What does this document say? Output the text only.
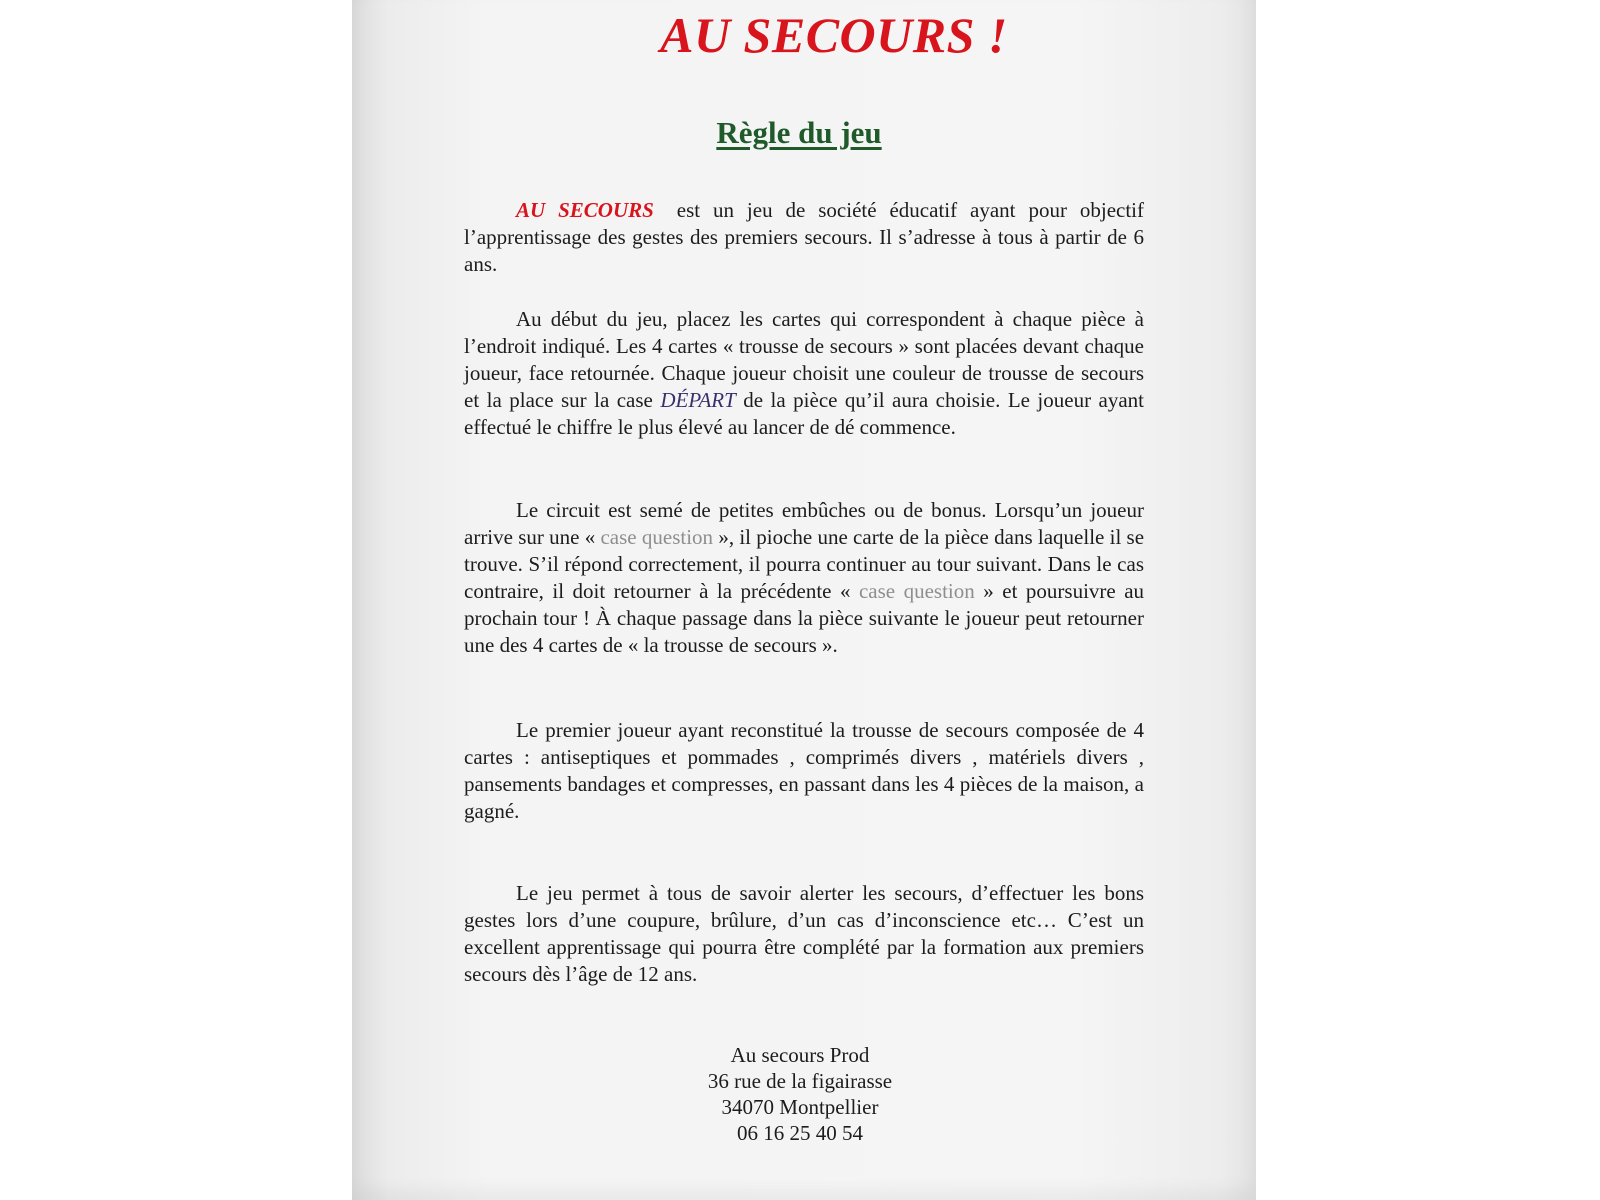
AU SECOURS !
Règle du jeu

AU SECOURS est un jeu de société éducatif ayant pour objectif l’apprentissage des gestes des premiers secours. Il s’adresse à tous à partir de 6 ans.

Au début du jeu, placez les cartes qui correspondent à chaque pièce à l’endroit indiqué. Les 4 cartes « trousse de secours » sont placées devant chaque joueur, face retournée. Chaque joueur choisit une couleur de trousse de secours et la place sur la case DÉPART de la pièce qu’il aura choisie. Le joueur ayant effectué le chiffre le plus élevé au lancer de dé commence.

Le circuit est semé de petites embûches ou de bonus. Lorsqu’un joueur arrive sur une « case question », il pioche une carte de la pièce dans laquelle il se trouve. S’il répond correctement, il pourra continuer au tour suivant. Dans le cas contraire, il doit retourner à la précédente « case question » et poursuivre au prochain tour ! À chaque passage dans la pièce suivante le joueur peut retourner une des 4 cartes de « la trousse de secours ».

Le premier joueur ayant reconstitué la trousse de secours composée de 4 cartes : antiseptiques et pommades , comprimés divers , matériels divers , pansements bandages et compresses, en passant dans les 4 pièces de la maison, a gagné.

Le jeu permet à tous de savoir alerter les secours, d’effectuer les bons gestes lors d’une coupure, brûlure, d’un cas d’inconscience etc… C’est un excellent apprentissage qui pourra être complété par la formation aux premiers secours dès l’âge de 12 ans.

Au secours Prod
36 rue de la figairasse
34070 Montpellier
06 16 25 40 54
